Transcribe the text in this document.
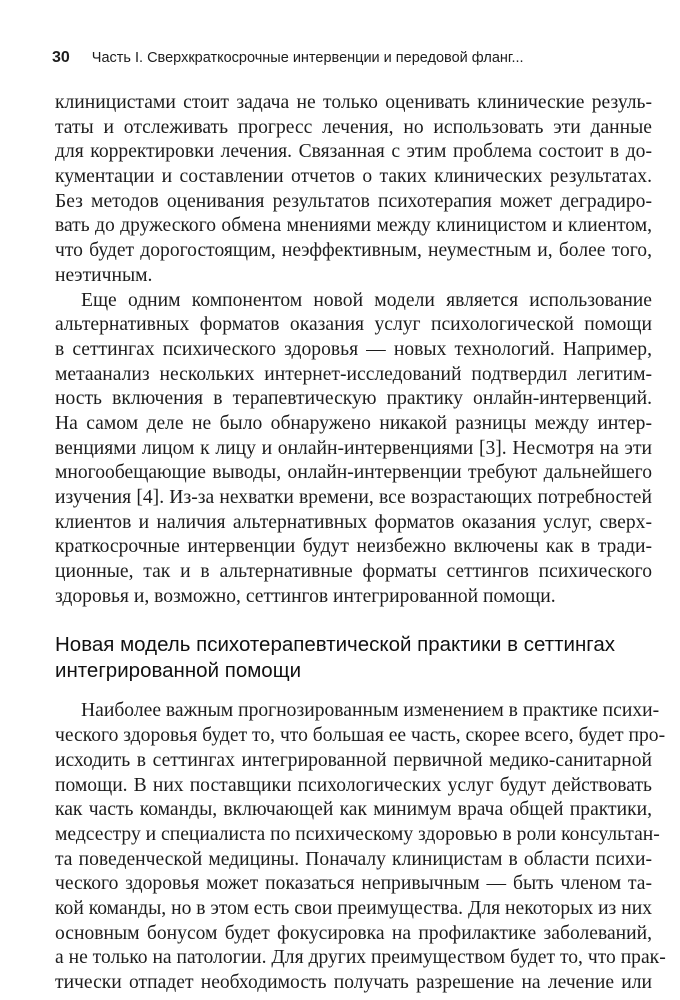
30 Часть I. Сверхкраткосрочные интервенции и передовой фланг...
клиницистами стоит задача не только оценивать клинические резуль-
таты и отслеживать прогресс лечения, но использовать эти данные
для корректировки лечения. Связанная с этим проблема состоит в до-
кументации и составлении отчетов о таких клинических результатах.
Без методов оценивания результатов психотерапия может деградиро-
вать до дружеского обмена мнениями между клиницистом и клиентом,
что будет дорогостоящим, неэффективным, неуместным и, более того,
неэтичным.
Еще одним компонентом новой модели является использование
альтернативных форматов оказания услуг психологической помощи
в сеттингах психического здоровья — новых технологий. Например,
метаанализ нескольких интернет-исследований подтвердил легитим-
ность включения в терапевтическую практику онлайн-интервенций.
На самом деле не было обнаружено никакой разницы между интер-
венциями лицом к лицу и онлайн-интервенциями [3]. Несмотря на эти
многообещающие выводы, онлайн-интервенции требуют дальнейшего
изучения [4]. Из-за нехватки времени, все возрастающих потребностей
клиентов и наличия альтернативных форматов оказания услуг, сверх-
краткосрочные интервенции будут неизбежно включены как в тради-
ционные, так и в альтернативные форматы сеттингов психического
здоровья и, возможно, сеттингов интегрированной помощи.
Новая модель психотерапевтической практики в сеттингах
интегрированной помощи
Наиболее важным прогнозированным изменением в практике психи-
ческого здоровья будет то, что большая ее часть, скорее всего, будет про-
исходить в сеттингах интегрированной первичной медико-санитарной
помощи. В них поставщики психологических услуг будут действовать
как часть команды, включающей как минимум врача общей практики,
медсестру и специалиста по психическому здоровью в роли консультан-
та поведенческой медицины. Поначалу клиницистам в области психи-
ческого здоровья может показаться непривычным — быть членом та-
кой команды, но в этом есть свои преимущества. Для некоторых из них
основным бонусом будет фокусировка на профилактике заболеваний,
а не только на патологии. Для других преимуществом будет то, что прак-
тически отпадет необходимость получать разрешение на лечение или
